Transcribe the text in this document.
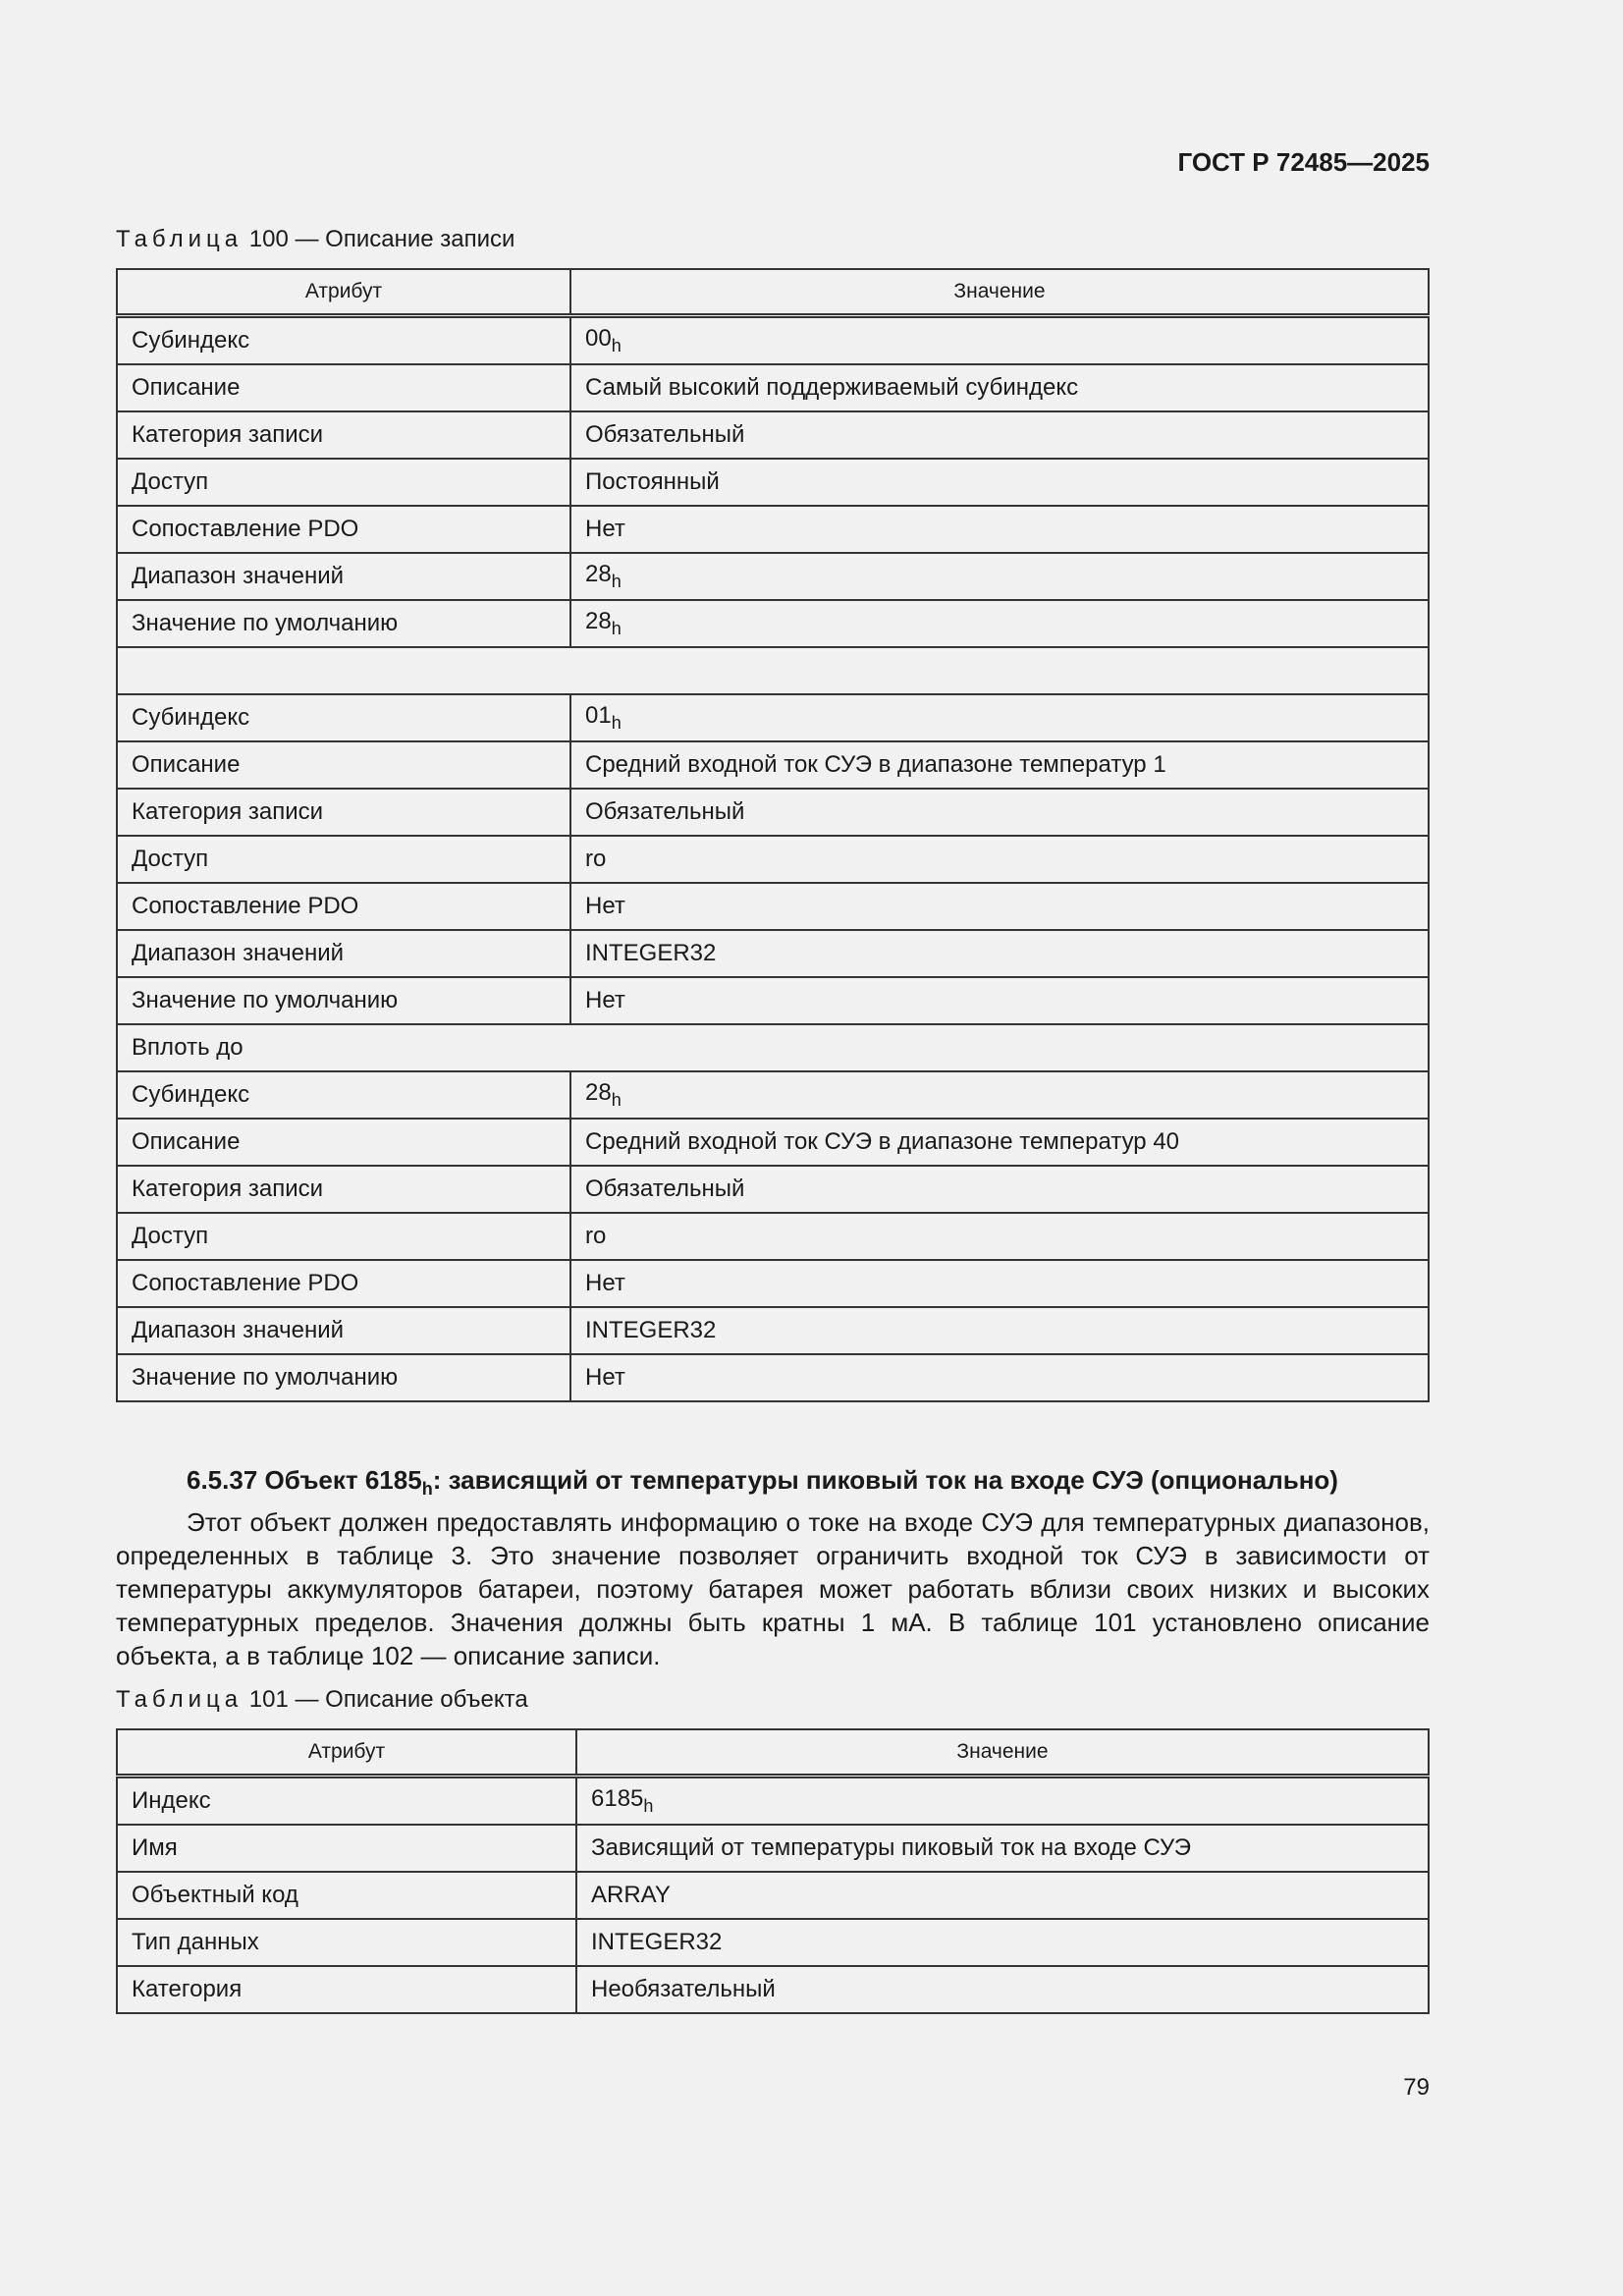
ГОСТ Р 72485—2025
Таблица 100 — Описание записи
Атрибут	Значение
Субиндекс	$00_h$
Описание	Самый высокий поддерживаемый субиндекс
Категория записи	Обязательный
Доступ	Постоянный
Сопоставление PDO	Нет
Диапазон значений	$28_h$
Значение по умолчанию	$28_h$

Субиндекс	$01_h$
Описание	Средний входной ток СУЭ в диапазоне температур 1
Категория записи	Обязательный
Доступ	ro
Сопоставление PDO	Нет
Диапазон значений	INTEGER32
Значение по умолчанию	Нет
Вплоть до	
Субиндекс	$28_h$
Описание	Средний входной ток СУЭ в диапазоне температур 40
Категория записи	Обязательный
Доступ	ro
Сопоставление PDO	Нет
Диапазон значений	INTEGER32
Значение по умолчанию	Нет

6.5.37 Объект $6185_h$: зависящий от температуры пиковый ток на входе СУЭ (опционально)

Этот объект должен предоставлять информацию о токе на входе СУЭ для температурных диапазонов, определенных в таблице 3. Это значение позволяет ограничить входной ток СУЭ в зависимости от температуры аккумуляторов батареи, поэтому батарея может работать вблизи своих низких и высоких температурных пределов. Значения должны быть кратны 1 мА. В таблице 101 установлено описание объекта, а в таблице 102 — описание записи.

Таблица 101 — Описание объекта
Атрибут	Значение
Индекс	$6185_h$
Имя	Зависящий от температуры пиковый ток на входе СУЭ
Объектный код	ARRAY
Тип данных	INTEGER32
Категория	Необязательный
79
